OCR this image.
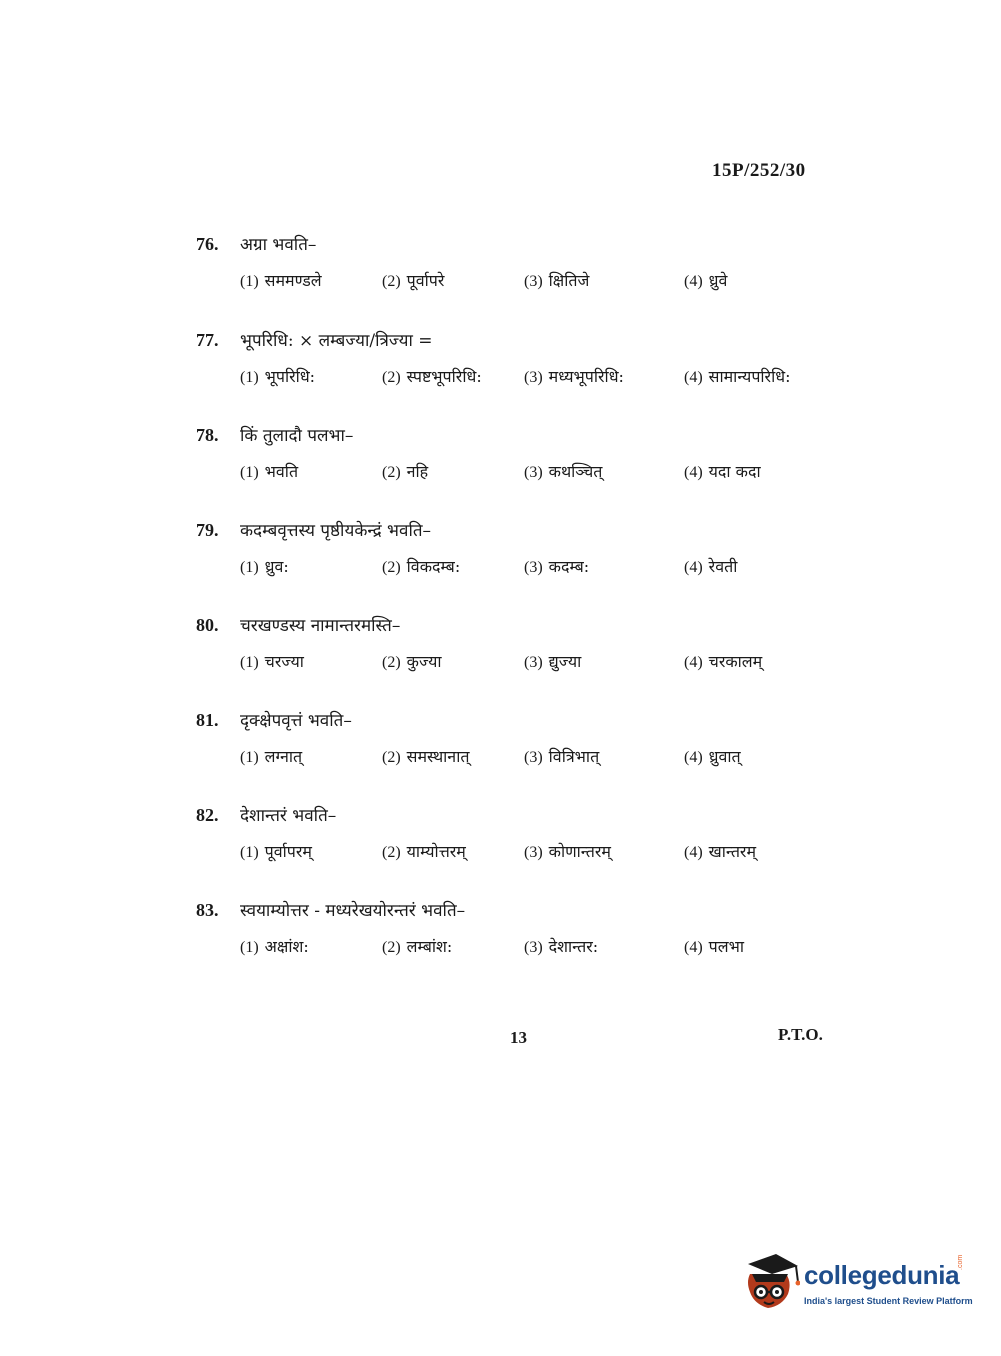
15P/252/30
76.	अग्रा भवति–
(1) सममण्डले	(2) पूर्वापरे	(3) क्षितिजे	(4) ध्रुवे
77.	भूपरिधि: × लम्बज्या/त्रिज्या =
(1) भूपरिधि:	(2) स्पष्टभूपरिधि:	(3) मध्यभूपरिधि:	(4) सामान्यपरिधि:
78.	किं तुलादौ पलभा–
(1) भवति	(2) नहि	(3) कथञ्चित्	(4) यदा कदा
79.	कदम्बवृत्तस्य पृष्ठीयकेन्द्रं भवति–
(1) ध्रुव:	(2) विकदम्ब:	(3) कदम्ब:	(4) रेवती
80.	चरखण्डस्य नामान्तरमस्ति–
(1) चरज्या	(2) कुज्या	(3) द्युज्या	(4) चरकालम्
81.	दृक्क्षेपवृत्तं भवति–
(1) लग्नात्	(2) समस्थानात्	(3) वित्रिभात्	(4) ध्रुवात्
82.	देशान्तरं भवति–
(1) पूर्वापरम्	(2) याम्योत्तरम्	(3) कोणान्तरम्	(4) खान्तरम्
83.	स्वयाम्योत्तर - मध्यरेखयोरन्तरं भवति–
(1) अक्षांश:	(2) लम्बांश:	(3) देशान्तर:	(4) पलभा
13	P.T.O.
collegedunia
.com
India's largest Student Review Platform
